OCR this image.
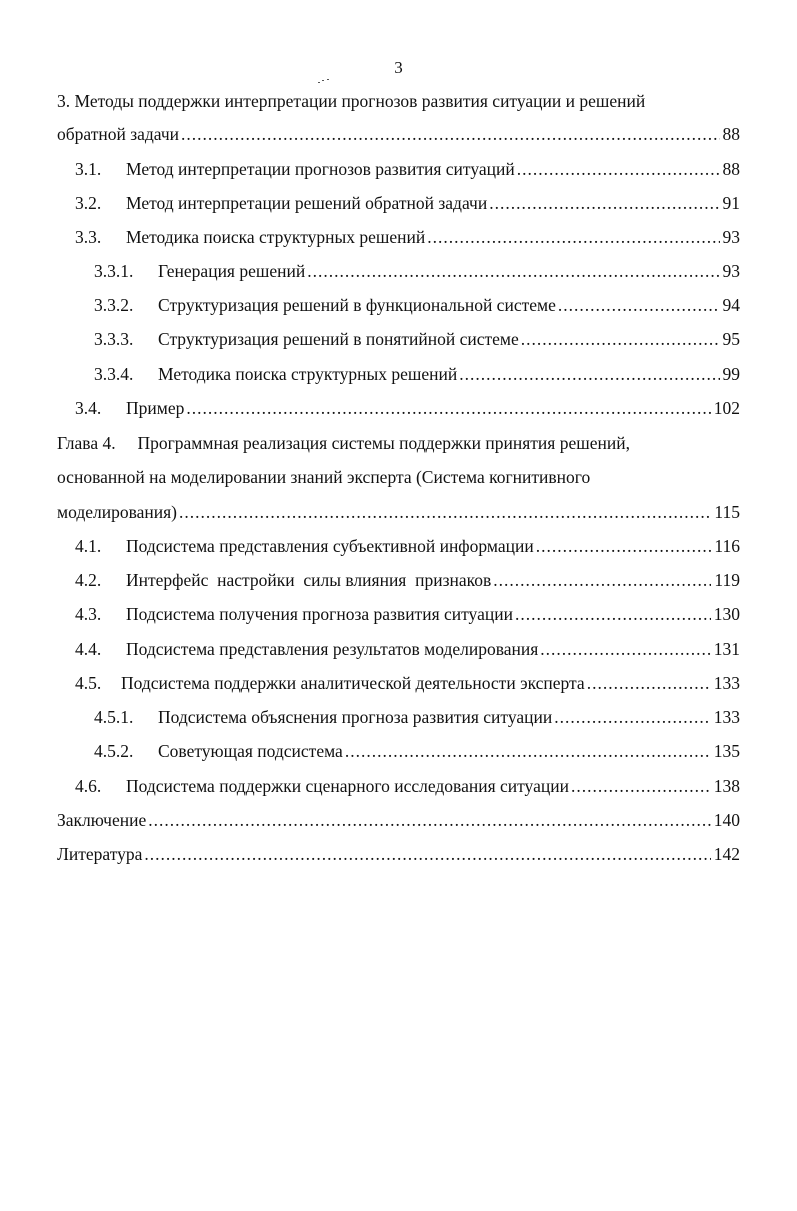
3
3. Методы поддержки интерпретации прогнозов развития ситуации и решений
обратной задачи .....	88
3.1.	Метод интерпретации прогнозов развития ситуаций .....	88
3.2.	Метод интерпретации решений обратной задачи .....	91
3.3.	Методика поиска структурных решений .....	93
3.3.1.	Генерация решений .....	93
3.3.2.	Структуризация решений в функциональной системе .....	94
3.3.3.	Структуризация решений в понятийной системе .....	95
3.3.4.	Методика поиска структурных решений .....	99
3.4.	Пример .....	102
Глава 4.     Программная реализация системы поддержки принятия решений,
основанной на моделировании знаний эксперта (Система когнитивного
моделирования) .....	115
4.1.	Подсистема представления субъективной информации .....	116
4.2.	Интерфейс  настройки  силы влияния  признаков .....	119
4.3.	Подсистема получения прогноза развития ситуации .....	130
4.4.	Подсистема представления результатов моделирования .....	131
4.5.	Подсистема поддержки аналитической деятельности эксперта .....	133
4.5.1.	Подсистема объяснения прогноза развития ситуации .....	133
4.5.2.	Советующая подсистема .....	135
4.6.	Подсистема поддержки сценарного исследования ситуации .....	138
Заключение .....	140
Литература .....	142
